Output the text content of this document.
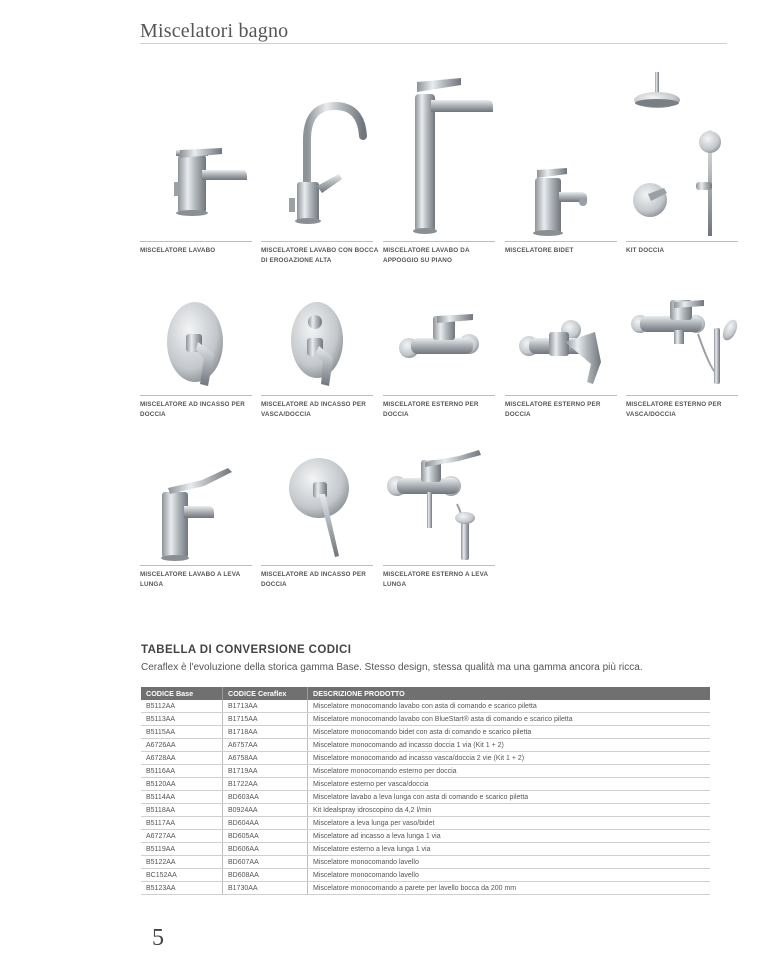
Miscelatori bagno
MISCELATORE LAVABO	MISCELATORE LAVABO CON BOCCA DI EROGAZIONE ALTA
MISCELATORE LAVABO DA APPOGGIO SU PIANO
MISCELATORE BIDET	KIT DOCCIA
MISCELATORE AD INCASSO PER DOCCIA
MISCELATORE AD INCASSO PER VASCA/DOCCIA
MISCELATORE ESTERNO PER DOCCIA
MISCELATORE ESTERNO PER DOCCIA
MISCELATORE ESTERNO PER VASCA/DOCCIA
MISCELATORE LAVABO A LEVA LUNGA
MISCELATORE AD INCASSO PER DOCCIA
MISCELATORE ESTERNO A LEVA LUNGA
TABELLA DI CONVERSIONE CODICI
Ceraflex è l'evoluzione della storica gamma Base. Stesso design, stessa qualità ma una gamma ancora più ricca.
CODICE Base	CODICE Ceraflex	DESCRIZIONE PRODOTTO
B5112AA	B1713AA	Miscelatore monocomando lavabo con asta di comando e scarico piletta
B5113AA	B1715AA	Miscelatore monocomando lavabo con BlueStart® asta di comando e scarico piletta
B5115AA	B1718AA	Miscelatore monocomando bidet con asta di comando e scarico piletta
A6726AA	A6757AA	Miscelatore monocomando ad incasso doccia 1 via (Kit 1 + 2)
A6728AA	A6758AA	Miscelatore monocomando ad incasso vasca/doccia 2 vie (Kit 1 + 2)
B5116AA	B1719AA	Miscelatore monocomando esterno per doccia
B5120AA	B1722AA	Miscelatore esterno per vasca/doccia
B5114AA	BD603AA	Miscelatore lavabo a leva lunga con asta di comando e scarico piletta
B5118AA	B0924AA	Kit Idealspray idroscopino da 4,2 l/min
B5117AA	BD604AA	Miscelatore a leva lunga per vaso/bidet
A6727AA	BD605AA	Miscelatore ad incasso a leva lunga 1 via
B5119AA	BD606AA	Miscelatore esterno a leva lunga 1 via
B5122AA	BD607AA	Miscelatore monocomando lavello
BC152AA	BD608AA	Miscelatore monocomando lavello
B5123AA	B1730AA	Miscelatore monocomando a parete per lavello bocca da 200 mm
5
